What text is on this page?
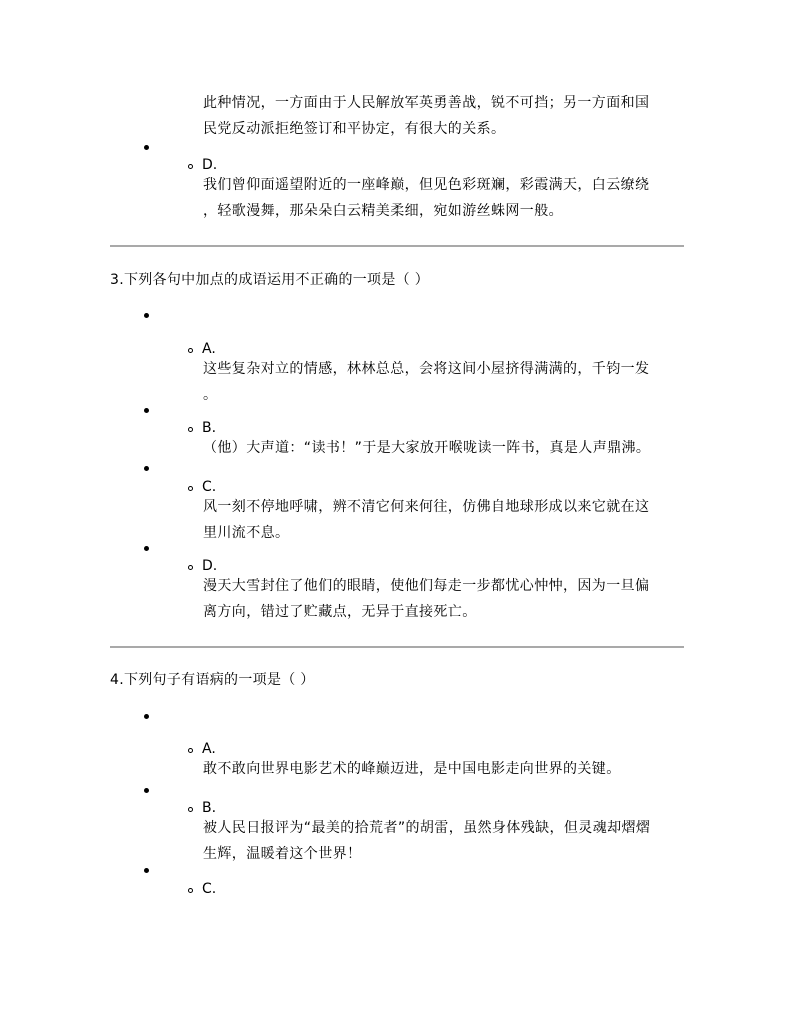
此种情况，一方面由于人民解放军英勇善战，锐不可挡；另一方面和国
民党反动派拒绝签订和平协定，有很大的关系。
D.
我们曾仰面遥望附近的一座峰巅，但见色彩斑斓，彩霞满天，白云缭绕
，轻歌漫舞，那朵朵白云精美柔细，宛如游丝蛛网一般。
3.下列各句中加点的成语运用不正确的一项是（ ）
A.
这些复杂对立的情感，林林总总，会将这间小屋挤得满满的，千钧一发
。
B.
（他）大声道：“读书！”于是大家放开喉咙读一阵书，真是人声鼎沸。
C.
风一刻不停地呼啸，辨不清它何来何往，仿佛自地球形成以来它就在这
里川流不息。
D.
漫天大雪封住了他们的眼睛，使他们每走一步都忧心忡忡，因为一旦偏
离方向，错过了贮藏点，无异于直接死亡。
4.下列句子有语病的一项是（ ）
A.
敢不敢向世界电影艺术的峰巅迈进，是中国电影走向世界的关键。
B.
被人民日报评为“最美的拾荒者”的胡雷，虽然身体残缺，但灵魂却熠熠
生辉，温暖着这个世界！
C.
